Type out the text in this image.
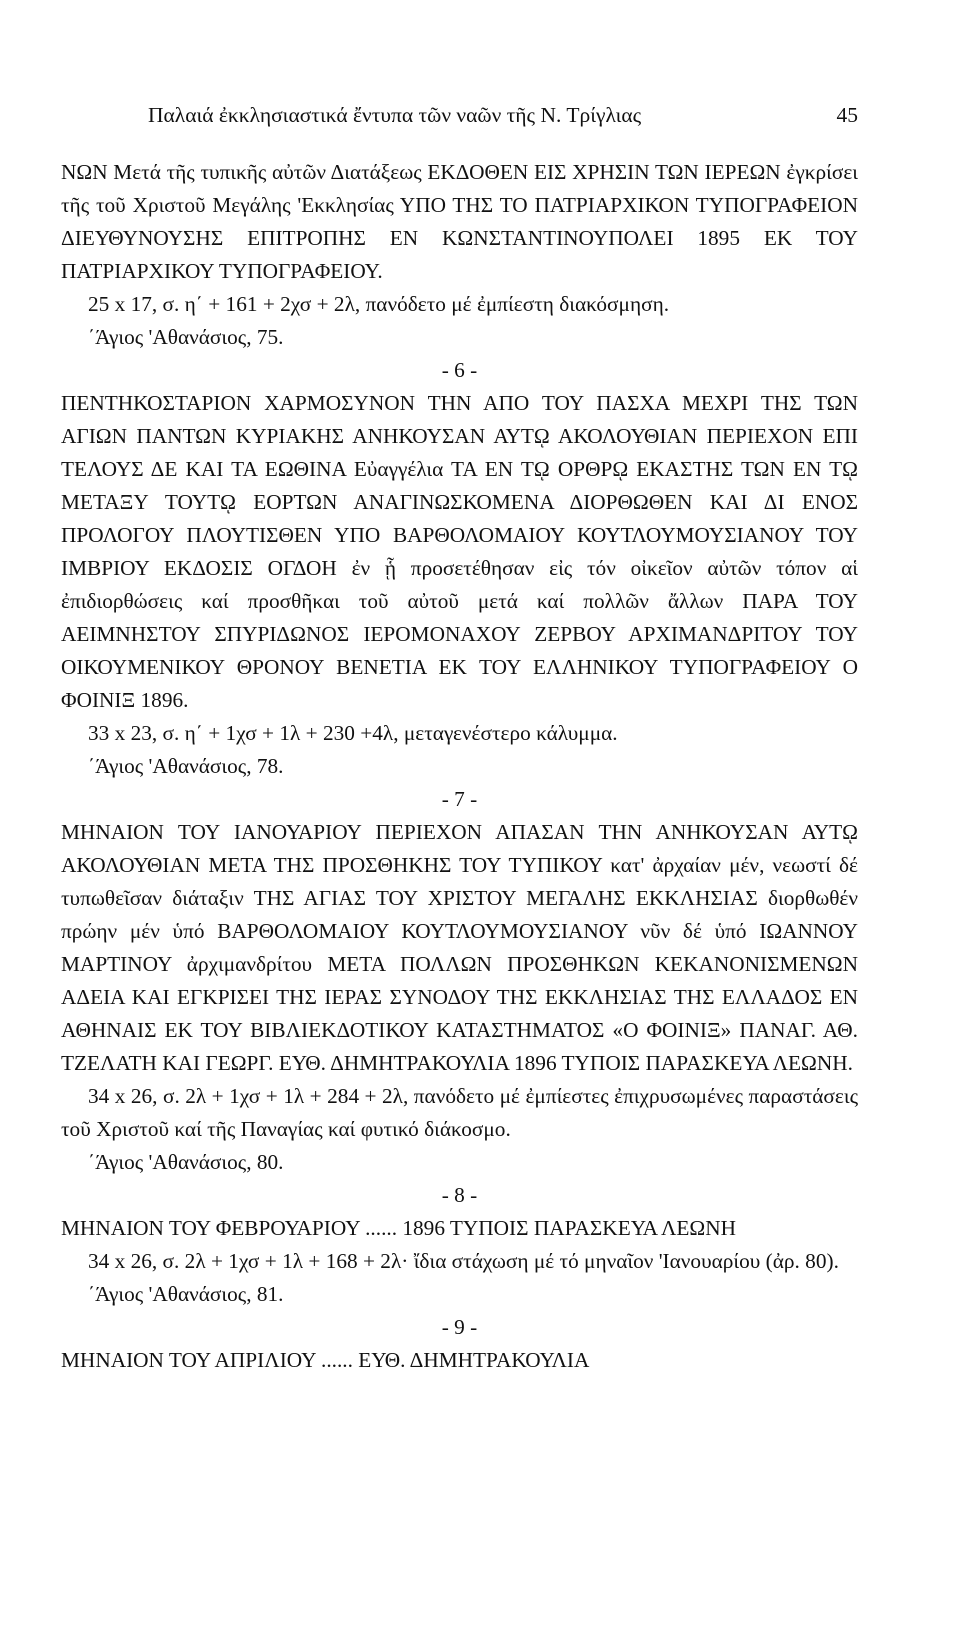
Παλαιά ἐκκλησιαστικά ἔντυπα τῶν ναῶν τῆς Ν. Τρίγλιας	45

ΝΩΝ Μετά τῆς τυπικῆς αὐτῶν Διατάξεως ΕΚΔΟΘΕΝ ΕΙΣ ΧΡΗΣΙΝ ΤΩΝ ΙΕΡΕΩΝ ἐγκρίσει τῆς τοῦ Χριστοῦ Μεγάλης 'Εκκλησίας ΥΠΟ ΤΗΣ ΤΟ ΠΑΤΡΙΑΡΧΙΚΟΝ ΤΥΠΟΓΡΑΦΕΙΟΝ ΔΙΕΥΘΥΝΟΥΣΗΣ ΕΠΙΤΡΟΠΗΣ ΕΝ ΚΩΝΣΤΑΝΤΙΝΟΥΠΟΛΕΙ 1895 ΕΚ ΤΟΥ ΠΑΤΡΙΑΡΧΙΚΟΥ ΤΥΠΟΓΡΑΦΕΙΟΥ.

25 x 17, σ. η΄ + 161 + 2χσ + 2λ, πανόδετο μέ ἐμπίεστη διακόσμηση.

΄Άγιος 'Αθανάσιος, 75.

- 6 -

ΠΕΝΤΗΚΟΣΤΑΡΙΟΝ ΧΑΡΜΟΣΥΝΟΝ ΤΗΝ ΑΠΟ ΤΟΥ ΠΑΣΧΑ ΜΕΧΡΙ ΤΗΣ ΤΩΝ ΑΓΙΩΝ ΠΑΝΤΩΝ ΚΥΡΙΑΚΗΣ ΑΝΗΚΟΥΣΑΝ ΑΥΤῼ ΑΚΟΛΟΥΘΙΑΝ ΠΕΡΙΕΧΟΝ ΕΠΙ ΤΕΛΟΥΣ ΔΕ ΚΑΙ ΤΑ ΕΩΘΙΝΑ Εὐαγγέλια ΤΑ ΕΝ Τῼ ΟΡΘΡῼ ΕΚΑΣΤΗΣ ΤΩΝ ΕΝ Τῼ ΜΕΤΑΞΥ ΤΟΥΤῼ ΕΟΡΤΩΝ ΑΝΑΓΙΝΩΣΚΟΜΕΝΑ ΔΙΟΡΘΩΘΕΝ ΚΑΙ ΔΙ ΕΝΟΣ ΠΡΟΛΟΓΟΥ ΠΛΟΥΤΙΣΘΕΝ ΥΠΟ ΒΑΡΘΟΛΟΜΑΙΟΥ ΚΟΥΤΛΟΥΜΟΥΣΙΑΝΟΥ ΤΟΥ ΙΜΒΡΙΟΥ ΕΚΔΟΣΙΣ ΟΓΔΟΗ ἐν ᾗ προσετέθησαν εἰς τόν οἰκεῖον αὐτῶν τόπον αἱ ἐπιδιορθώσεις καί προσθῆκαι τοῦ αὐτοῦ μετά καί πολλῶν ἄλλων ΠΑΡΑ ΤΟΥ ΑΕΙΜΝΗΣΤΟΥ ΣΠΥΡΙΔΩΝΟΣ ΙΕΡΟΜΟΝΑΧΟΥ ΖΕΡΒΟΥ ΑΡΧΙΜΑΝΔΡΙΤΟΥ ΤΟΥ ΟΙΚΟΥΜΕΝΙΚΟΥ ΘΡΟΝΟΥ ΒΕΝΕΤΙΑ ΕΚ ΤΟΥ ΕΛΛΗΝΙΚΟΥ ΤΥΠΟΓΡΑΦΕΙΟΥ Ο ΦΟΙΝΙΞ 1896.

33 x 23, σ. η΄ + 1χσ + 1λ + 230 +4λ, μεταγενέστερο κάλυμμα.

΄Άγιος 'Αθανάσιος, 78.

- 7 -

ΜΗΝΑΙΟΝ ΤΟΥ ΙΑΝΟΥΑΡΙΟΥ ΠΕΡΙΕΧΟΝ ΑΠΑΣΑΝ ΤΗΝ ΑΝΗΚΟΥΣΑΝ ΑΥΤῼ ΑΚΟΛΟΥΘΙΑΝ ΜΕΤΑ ΤΗΣ ΠΡΟΣΘΗΚΗΣ ΤΟΥ ΤΥΠΙΚΟΥ κατ' ἀρχαίαν μέν, νεωστί δέ τυπωθεῖσαν διάταξιν ΤΗΣ ΑΓΙΑΣ ΤΟΥ ΧΡΙΣΤΟΥ ΜΕΓΑΛΗΣ ΕΚΚΛΗΣΙΑΣ διορθωθέν πρώην μέν ὑπό ΒΑΡΘΟΛΟΜΑΙΟΥ ΚΟΥΤΛΟΥΜΟΥΣΙΑΝΟΥ νῦν δέ ὑπό ΙΩΑΝΝΟΥ ΜΑΡΤΙΝΟΥ ἀρχιμανδρίτου ΜΕΤΑ ΠΟΛΛΩΝ ΠΡΟΣΘΗΚΩΝ ΚΕΚΑΝΟΝΙΣΜΕΝΩΝ ΑΔΕΙΑ ΚΑΙ ΕΓΚΡΙΣΕΙ ΤΗΣ ΙΕΡΑΣ ΣΥΝΟΔΟΥ ΤΗΣ ΕΚΚΛΗΣΙΑΣ ΤΗΣ ΕΛΛΑΔΟΣ ΕΝ ΑΘΗΝΑΙΣ ΕΚ ΤΟΥ ΒΙΒΛΙΕΚΔΟΤΙΚΟΥ ΚΑΤΑΣΤΗΜΑΤΟΣ «Ο ΦΟΙΝΙΞ» ΠΑΝΑΓ. ΑΘ. ΤΖΕΛΑΤΗ ΚΑΙ ΓΕΩΡΓ. ΕΥΘ. ΔΗΜΗΤΡΑΚΟΥΛΙΑ 1896 ΤΥΠΟΙΣ ΠΑΡΑΣΚΕΥΑ ΛΕΩΝΗ.

34 x 26, σ. 2λ + 1χσ + 1λ + 284 + 2λ, πανόδετο μέ ἐμπίεστες ἐπιχρυσωμένες παραστάσεις τοῦ Χριστοῦ καί τῆς Παναγίας καί φυτικό διάκοσμο.

΄Άγιος 'Αθανάσιος, 80.

- 8 -

ΜΗΝΑΙΟΝ ΤΟΥ ΦΕΒΡΟΥΑΡΙΟΥ ...... 1896 ΤΥΠΟΙΣ ΠΑΡΑΣΚΕΥΑ ΛΕΩΝΗ

34 x 26, σ. 2λ + 1χσ + 1λ + 168 + 2λ· ἴδια στάχωση μέ τό μηναῖον 'Ιανουαρίου (ἀρ. 80).

΄Άγιος 'Αθανάσιος, 81.

- 9 -

ΜΗΝΑΙΟΝ ΤΟΥ ΑΠΡΙΛΙΟΥ ...... ΕΥΘ. ΔΗΜΗΤΡΑΚΟΥΛΙΑ
